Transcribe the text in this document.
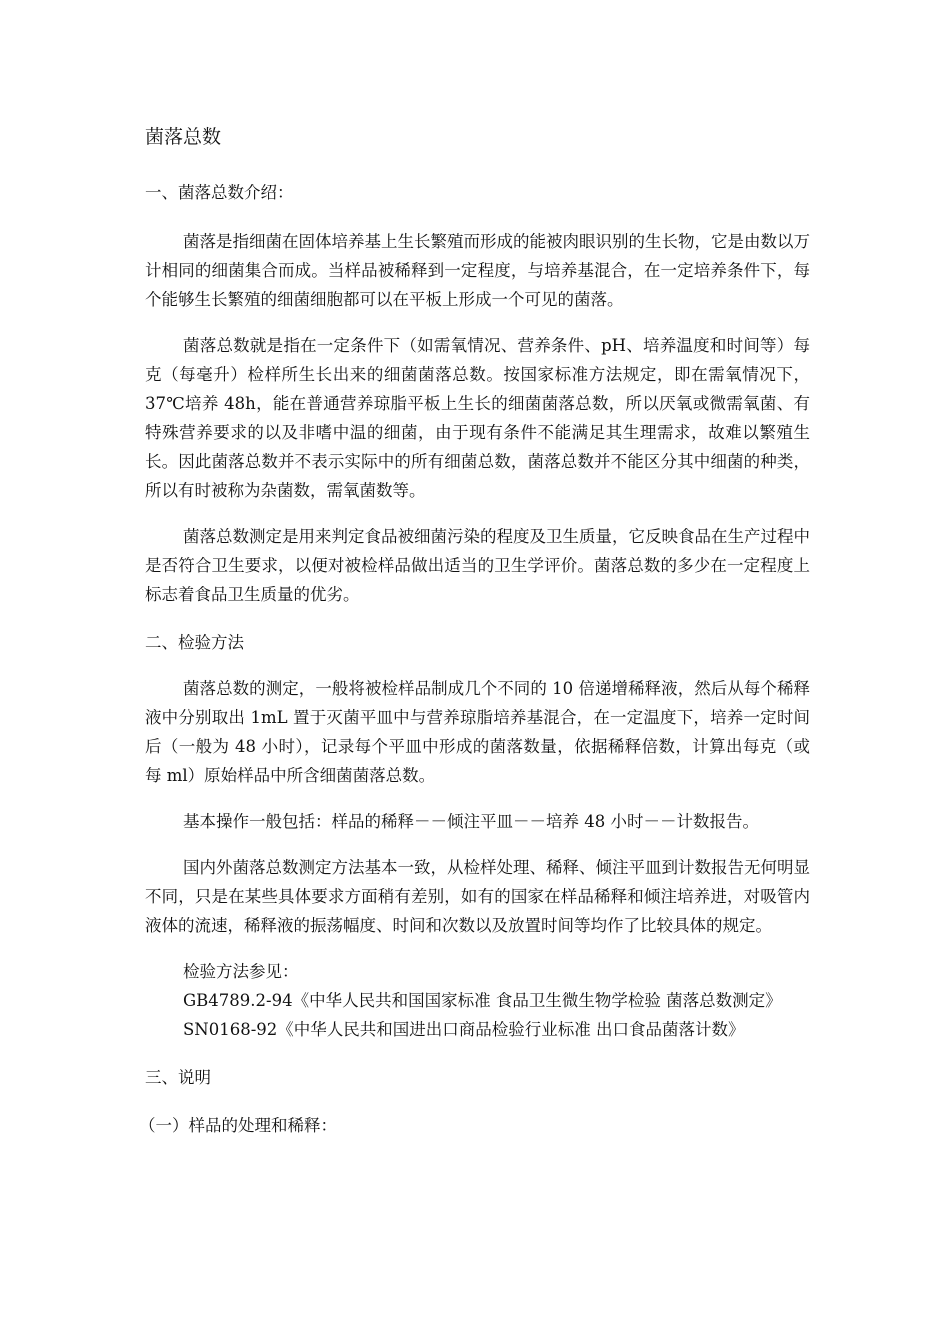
菌落总数
一、菌落总数介绍：

菌落是指细菌在固体培养基上生长繁殖而形成的能被肉眼识别的生长物，它是由数以万计相同的细菌集合而成。当样品被稀释到一定程度，与培养基混合，在一定培养条件下，每个能够生长繁殖的细菌细胞都可以在平板上形成一个可见的菌落。

菌落总数就是指在一定条件下（如需氧情况、营养条件、pH、培养温度和时间等）每克（每毫升）检样所生长出来的细菌菌落总数。按国家标准方法规定，即在需氧情况下，37℃培养 48h，能在普通营养琼脂平板上生长的细菌菌落总数，所以厌氧或微需氧菌、有特殊营养要求的以及非嗜中温的细菌，由于现有条件不能满足其生理需求，故难以繁殖生长。因此菌落总数并不表示实际中的所有细菌总数，菌落总数并不能区分其中细菌的种类，所以有时被称为杂菌数，需氧菌数等。

菌落总数测定是用来判定食品被细菌污染的程度及卫生质量，它反映食品在生产过程中是否符合卫生要求，以便对被检样品做出适当的卫生学评价。菌落总数的多少在一定程度上标志着食品卫生质量的优劣。

二、检验方法

菌落总数的测定，一般将被检样品制成几个不同的 10 倍递增稀释液，然后从每个稀释液中分别取出 1mL 置于灭菌平皿中与营养琼脂培养基混合，在一定温度下，培养一定时间后（一般为 48 小时），记录每个平皿中形成的菌落数量，依据稀释倍数，计算出每克（或每 ml）原始样品中所含细菌菌落总数。

基本操作一般包括：样品的稀释－－倾注平皿－－培养 48 小时－－计数报告。

国内外菌落总数测定方法基本一致，从检样处理、稀释、倾注平皿到计数报告无何明显不同，只是在某些具体要求方面稍有差别，如有的国家在样品稀释和倾注培养进，对吸管内液体的流速，稀释液的振荡幅度、时间和次数以及放置时间等均作了比较具体的规定。

检验方法参见：
GB4789.2-94《中华人民共和国国家标准 食品卫生微生物学检验 菌落总数测定》
SN0168-92《中华人民共和国进出口商品检验行业标准 出口食品菌落计数》
三、说明
（一）样品的处理和稀释：
